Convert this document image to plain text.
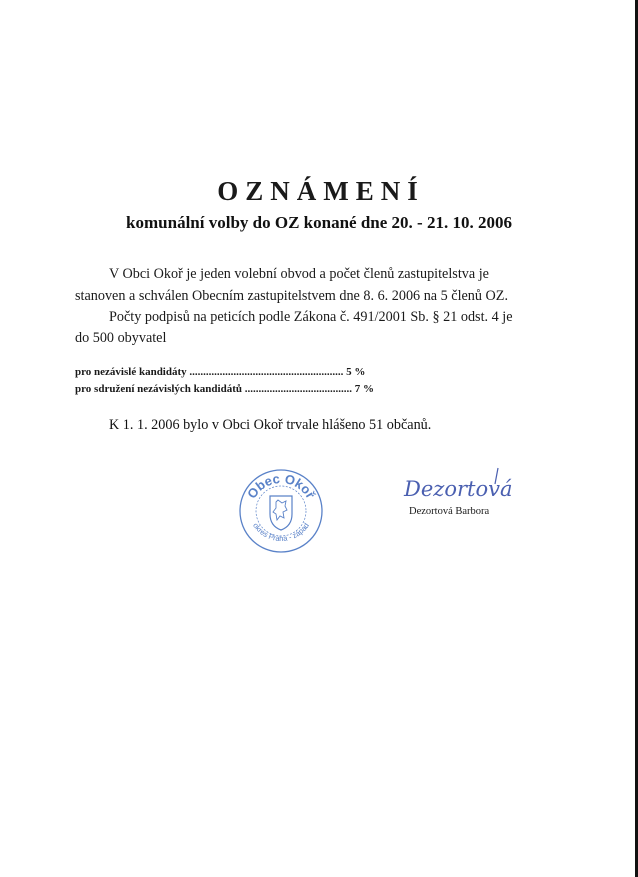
OZNÁMENÍ
komunální volby do OZ konané dne 20. - 21. 10. 2006
V Obci Okoř je jeden volební obvod a počet členů zastupitelstva je
stanoven a schválen Obecním zastupitelstvem dne 8. 6. 2006 na 5 členů OZ.
Počty podpisů na peticích podle Zákona č. 491/2001 Sb. § 21 odst. 4 je
do 500 obyvatel
pro nezávislé kandidáty ........................................................ 5 %
pro sdružení nezávislých kandidátů ....................................... 7 %
K 1. 1. 2006 bylo v Obci Okoř trvale hlášeno 51 občanů.
Obec Okoř
okres Praha - západ
Dezortová
Dezortová Barbora
